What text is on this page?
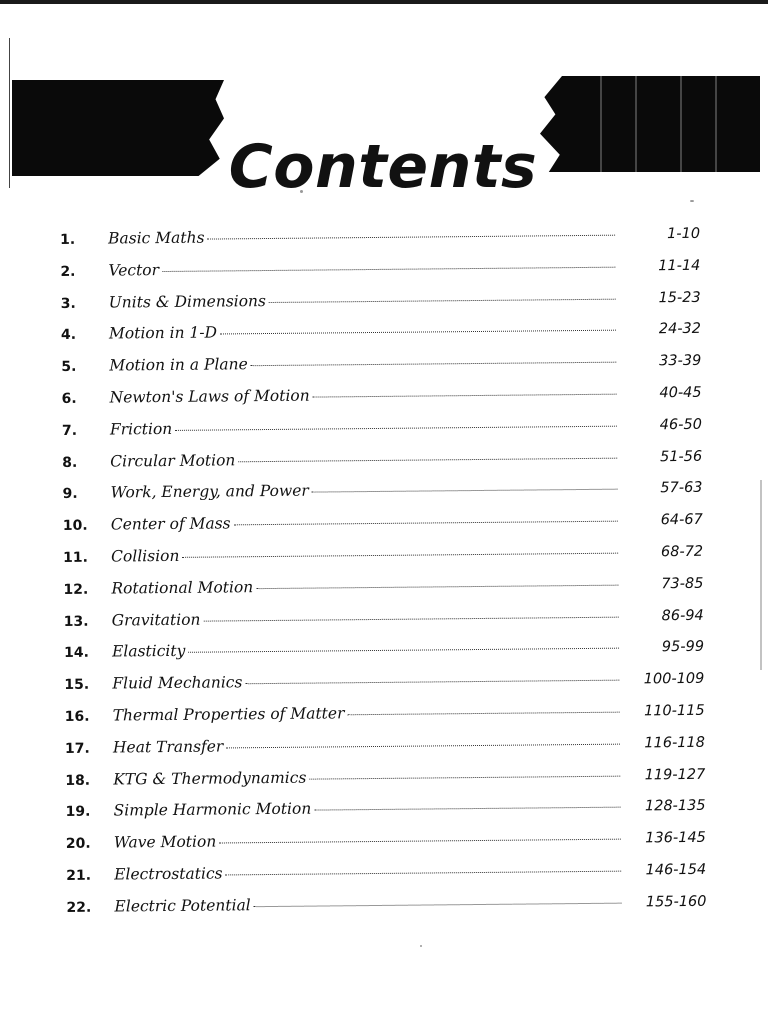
Contents
1.	Basic Maths	1-10
2.	Vector	11-14
3.	Units & Dimensions	15-23
4.	Motion in 1-D	24-32
5.	Motion in a Plane	33-39
6.	Newton's Laws of Motion	40-45
7.	Friction	46-50
8.	Circular Motion	51-56
9.	Work, Energy, and Power	57-63
10.	Center of Mass	64-67
11.	Collision	68-72
12.	Rotational Motion	73-85
13.	Gravitation	86-94
14.	Elasticity	95-99
15.	Fluid Mechanics	100-109
16.	Thermal Properties of Matter	110-115
17.	Heat Transfer	116-118
18.	KTG & Thermodynamics	119-127
19.	Simple Harmonic Motion	128-135
20.	Wave Motion	136-145
21.	Electrostatics	146-154
22.	Electric Potential	155-160
